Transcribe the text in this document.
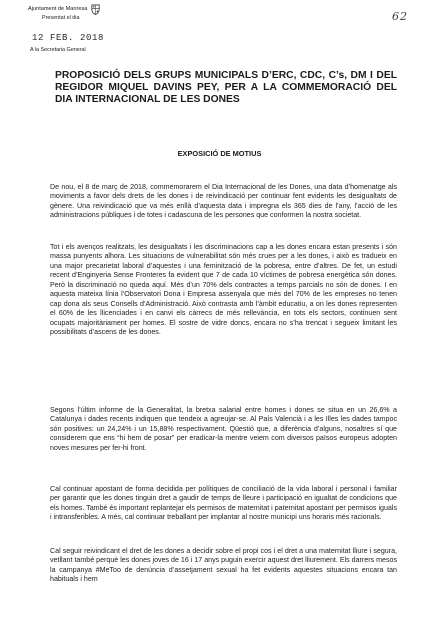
Ajuntament de Manresa
Presentat el dia
12 FEB. 2018
A la Secretaria General
62
PROPOSICIÓ DELS GRUPS MUNICIPALS D’ERC, CDC, C’s, DM I DEL REGIDOR MIQUEL DAVINS PEY, PER A LA COMMEMORACIÓ DEL DIA INTERNACIONAL DE LES DONES
EXPOSICIÓ DE MOTIUS

De nou, el 8 de març de 2018, commemorarem el Dia Internacional de les Dones, una data d’homenatge als moviments a favor dels drets de les dones i de reivindicació per continuar fent evidents les desigualtats de gènere. Una reivindicació que va més enllà d’aquesta data i impregna els 365 dies de l’any, l’acció de les administracions públiques i de totes i cadascuna de les persones que conformen la nostra societat.

Tot i els avenços realitzats, les desigualtats i les discriminacions cap a les dones encara estan presents i són massa punyents alhora. Les situacions de vulnerabilitat són més crues per a les dones, i això es tradueix en una major precarietat laboral d’aquestes i una feminització de la pobresa, entre d’altres. De fet, un estudi recent d’Enginyeria Sense Fronteres fa evident que 7 de cada 10 víctimes de pobresa energètica són dones. Però la discriminació no queda aquí. Més d’un 70% dels contractes a temps parcials no són de dones. I en aquesta mateixa línia l’Observatori Dona i Empresa assenyala que més del 70% de les empreses no tenen cap dona als seus Consells d’Administració. Això contrasta amb l’àmbit educatiu, a on les dones representen el 60% de les llicenciades i en canvi els càrrecs de més rellevància, en tots els sectors, continuen sent ocupats majoritàriament per homes. El sostre de vidre doncs, encara no s’ha trencat i segueix limitant les possibilitats d’ascens de les dones.

Segons l’últim informe de la Generalitat, la bretxa salarial entre homes i dones se situa en un 26,6% a Catalunya i dades recents indiquen que tendeix a agreujar-se. Al País Valencià i a les Illes les dades tampoc són positives: un 24,24% i un 15,88% respectivament. Qüestió que, a diferència d’alguns, nosaltres sí que considerem que ens “hi hem de posar” per eradicar-la mentre veiem com diversos països europeus adopten noves mesures per fer-hi front.

Cal continuar apostant de forma decidida per polítiques de conciliació de la vida laboral i personal i familiar per garantir que les dones tinguin dret a gaudir de temps de lleure i participació en igualtat de condicions que els homes. També és important replantejar els permisos de maternitat i paternitat apostant per permisos iguals i intransferibles. A més, cal continuar treballant per implantar al nostre municipi uns horaris més racionals.

Cal seguir reivindicant el dret de les dones a decidir sobre el propi cos i el dret a una maternitat lliure i segura, vetllant també perquè les dones joves de 16 i 17 anys puguin exercir aquest dret lliurement. Els darrers mesos la campanya #MeToo de denúncia d’assetjament sexual ha fet evidents aquestes situacions encara tan habituals i hem
